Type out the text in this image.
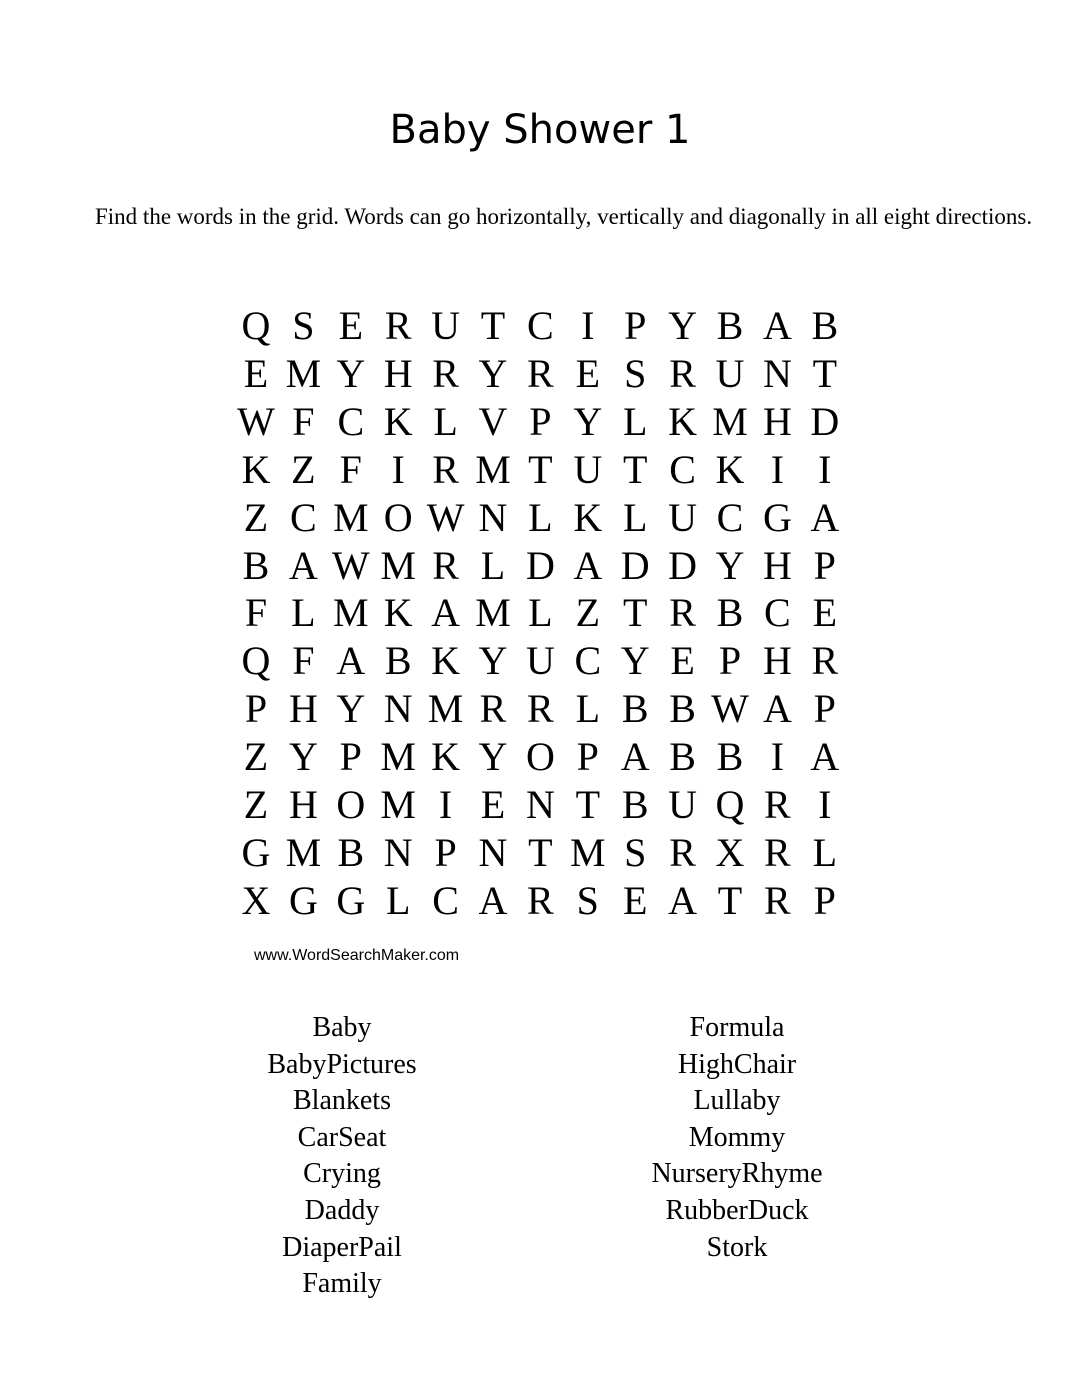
Baby Shower 1
Find the words in the grid. Words can go horizontally, vertically and diagonally in all eight directions.
Q S E R U T C I P Y B A B
E M Y H R Y R E S R U N T
W F C K L V P Y L K M H D
K Z F I R M T U T C K I I
Z C M O W N L K L U C G A
B A W M R L D A D D Y H P
F L M K A M L Z T R B C E
Q F A B K Y U C Y E P H R
P H Y N M R R L B B W A P
Z Y P M K Y O P A B B I A
Z H O M I E N T B U Q R I
G M B N P N T M S R X R L
X G G L C A R S E A T R P
www.WordSearchMaker.com
Baby
BabyPictures
Blankets
CarSeat
Crying
Daddy
DiaperPail
Family
Formula
HighChair
Lullaby
Mommy
NurseryRhyme
RubberDuck
Stork
